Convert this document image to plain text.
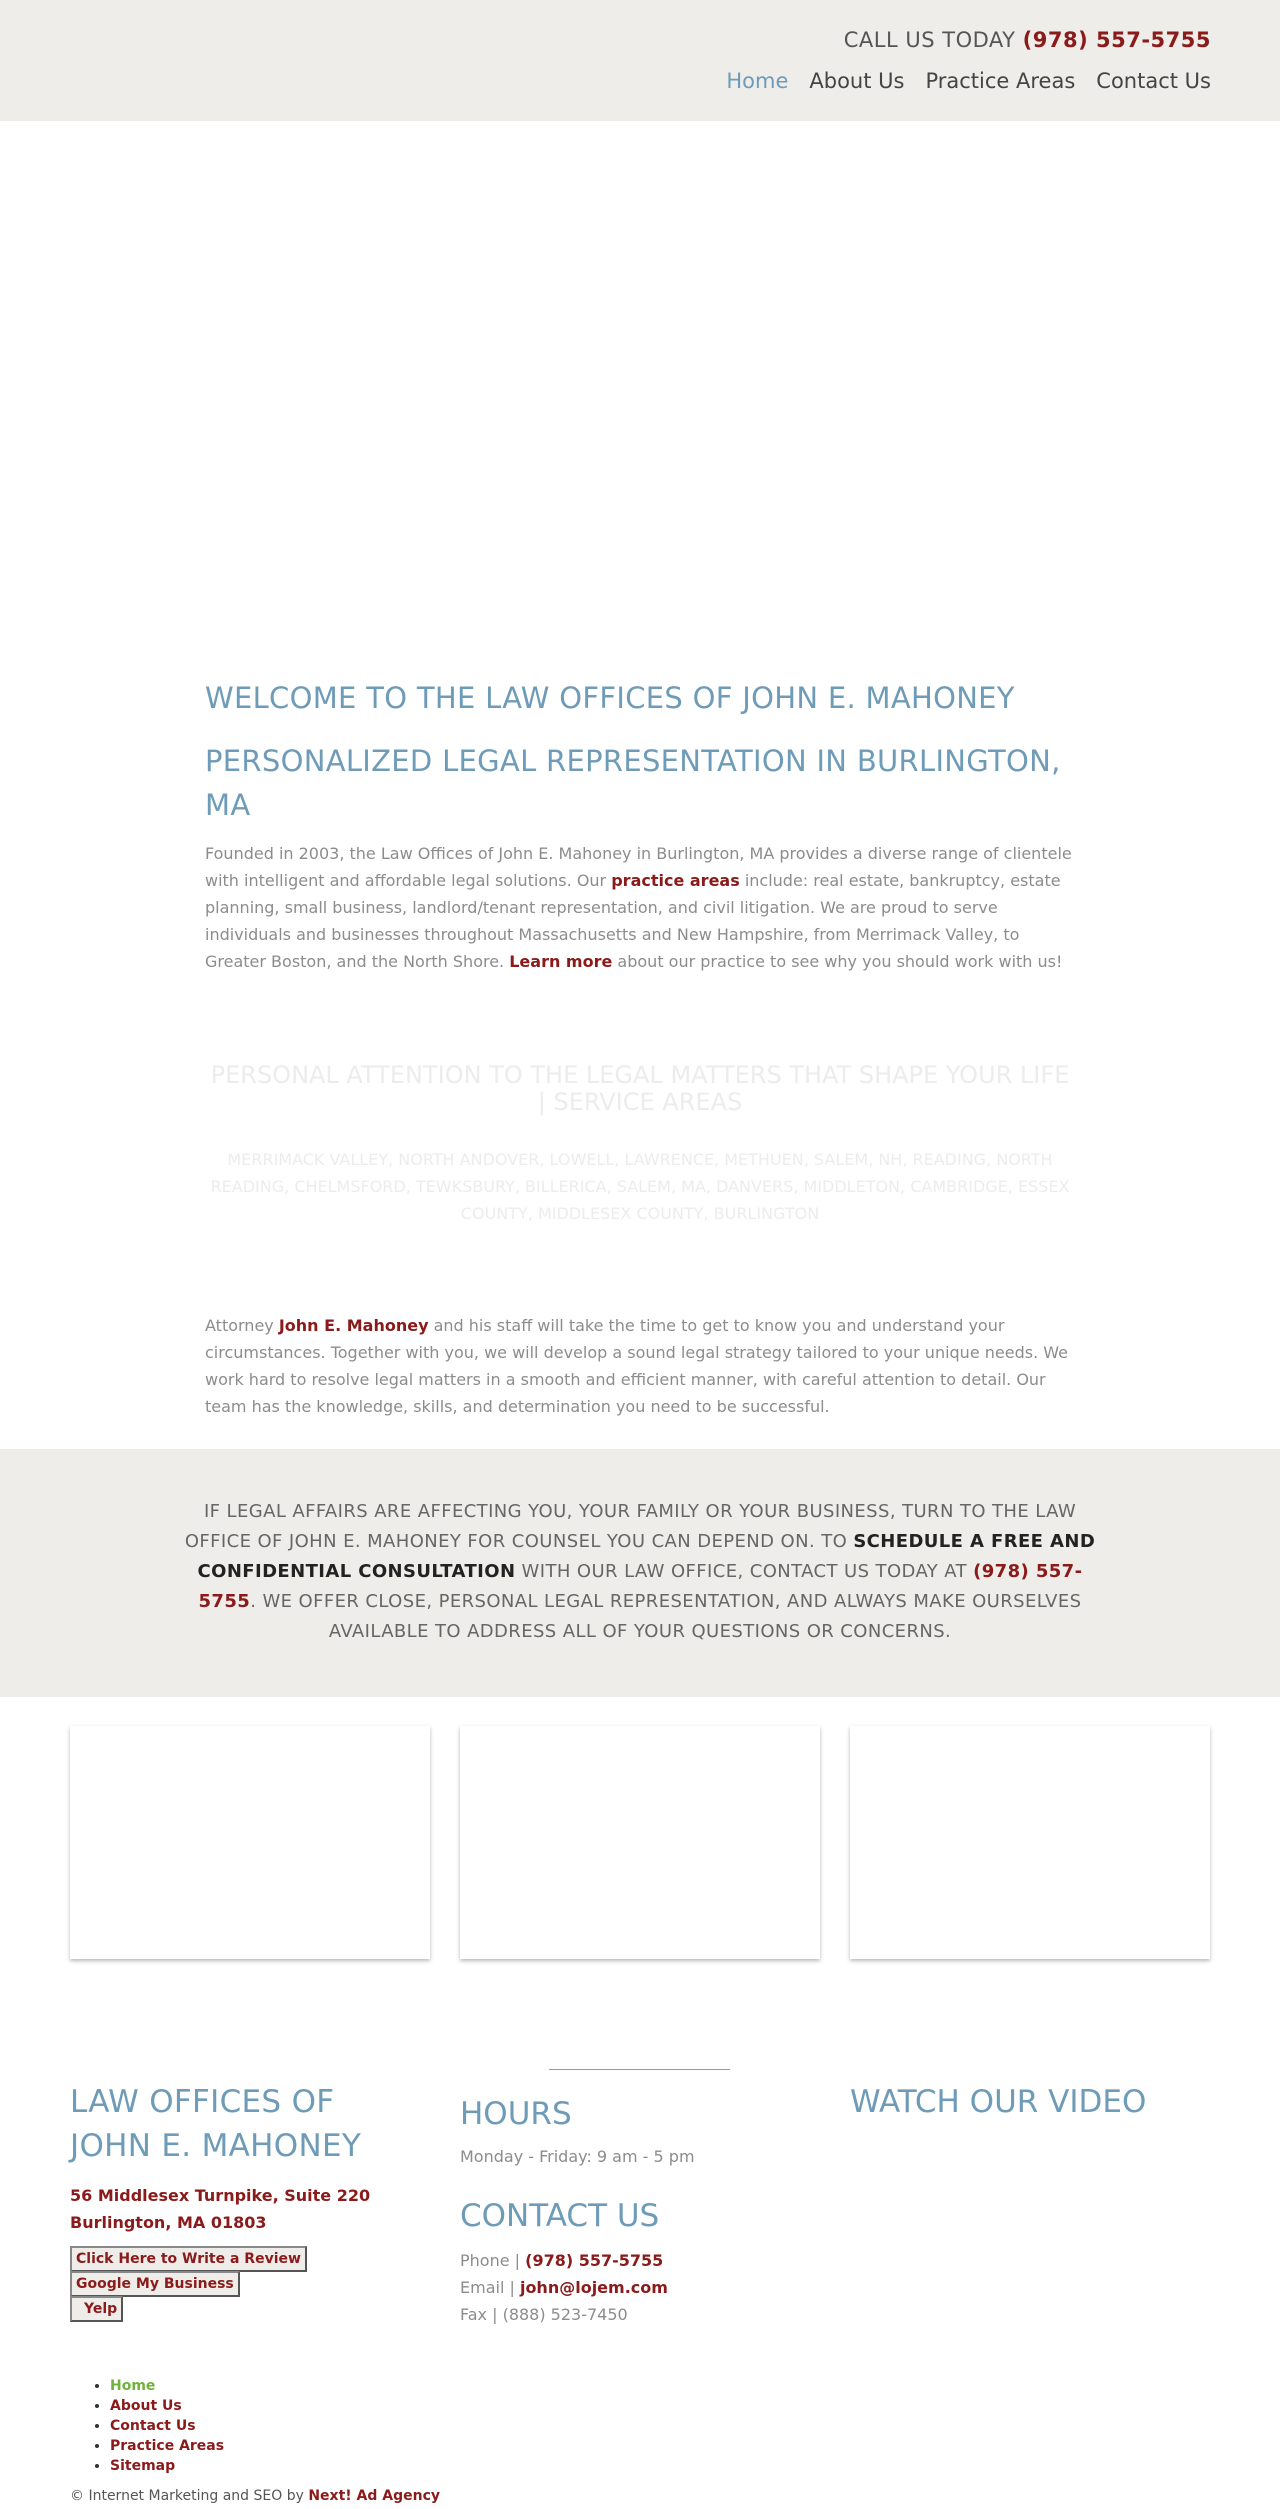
CALL US TODAY (978) 557-5755
Home About Us Practice Areas Contact Us
WELCOME TO THE LAW OFFICES OF JOHN E. MAHONEY
PERSONALIZED LEGAL REPRESENTATION IN BURLINGTON, MA
Founded in 2003, the Law Offices of John E. Mahoney in Burlington, MA provides a diverse range of clientele with intelligent and affordable legal solutions. Our practice areas include: real estate, bankruptcy, estate planning, small business, landlord/tenant representation, and civil litigation. We are proud to serve individuals and businesses throughout Massachusetts and New Hampshire, from Merrimack Valley, to Greater Boston, and the North Shore. Learn more about our practice to see why you should work with us!
PERSONAL ATTENTION TO THE LEGAL MATTERS THAT SHAPE YOUR LIFE | SERVICE AREAS
MERRIMACK VALLEY, NORTH ANDOVER, LOWELL, LAWRENCE, METHUEN, SALEM, NH, READING, NORTH READING, CHELMSFORD, TEWKSBURY, BILLERICA, SALEM, MA, DANVERS, MIDDLETON, CAMBRIDGE, ESSEX COUNTY, MIDDLESEX COUNTY, BURLINGTON
Attorney John E. Mahoney and his staff will take the time to get to know you and understand your circumstances. Together with you, we will develop a sound legal strategy tailored to your unique needs. We work hard to resolve legal matters in a smooth and efficient manner, with careful attention to detail. Our team has the knowledge, skills, and determination you need to be successful.
IF LEGAL AFFAIRS ARE AFFECTING YOU, YOUR FAMILY OR YOUR BUSINESS, TURN TO THE LAW OFFICE OF JOHN E. MAHONEY FOR COUNSEL YOU CAN DEPEND ON. TO SCHEDULE A FREE AND CONFIDENTIAL CONSULTATION WITH OUR LAW OFFICE, CONTACT US TODAY AT (978) 557-5755. WE OFFER CLOSE, PERSONAL LEGAL REPRESENTATION, AND ALWAYS MAKE OURSELVES AVAILABLE TO ADDRESS ALL OF YOUR QUESTIONS OR CONCERNS.
LAW OFFICES OF JOHN E. MAHONEY
56 Middlesex Turnpike, Suite 220
Burlington, MA 01803
Click Here to Write a Review
Google My Business
Yelp
HOURS
Monday - Friday: 9 am - 5 pm
CONTACT US
Phone | (978) 557-5755
Email | john@lojem.com
Fax | (888) 523-7450
WATCH OUR VIDEO
• Home
• About Us
• Contact Us
• Practice Areas
• Sitemap
© Internet Marketing and SEO by Next! Ad Agency
